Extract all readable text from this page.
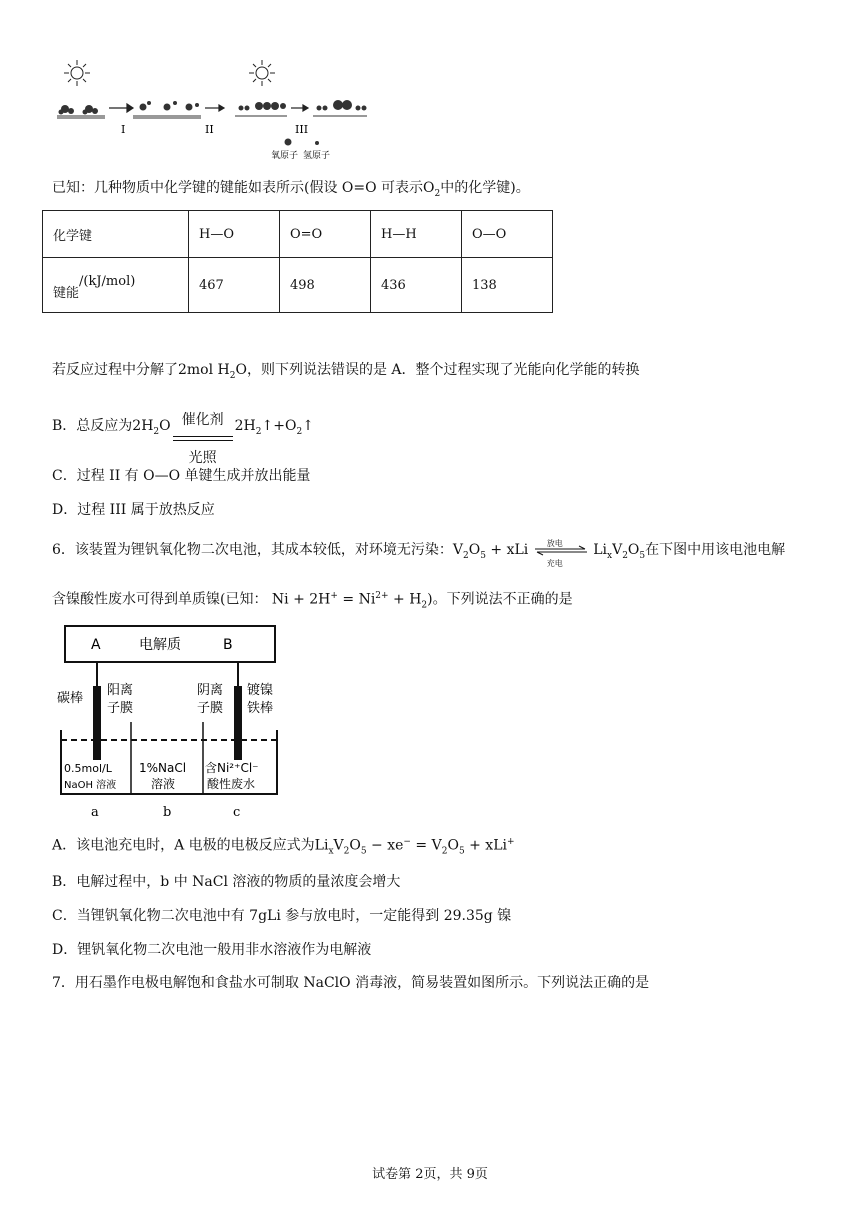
I	II	III
氧原子 氢原子
已知：几种物质中化学键的键能如表所示(假设 O=O 可表示$O_2$中的化学键)。
化学键	H—O	O=O	H—H	O—O
键能/(kJ/mol)	467	498	436	138
若反应过程中分解了2mol $H_2O$，则下列说法错误的是 A．整个过程实现了光能向化学能的转换
B．总反应为$2H_2O$
$\frac{\text{催化剂}}{\text{光照}}$
$2H_2↑+O_2↑$
C．过程 II 有 O—O 单键生成并放出能量
D．过程 III 属于放热反应
6．该装置为锂钒氧化物二次电池，其成本较低，对环境无污染：$V_2O_5$ + xLi 放电
充电
$Li_xV_2O_5$在下图中用该电池电解
含镍酸性废水可得到单质镍(已知： $Ni + 2H^+ = Ni^{2+} + H_2$)。下列说法不正确的是
A	电解质	B
碳棒
阳离
子膜
阴离
子膜
镀镍
铁棒
0.5mol/L
NaOH 溶液
1%NaCl
溶液
含Ni²⁺Cl⁻
酸性废水
a	b	c
A．该电池充电时，A 电极的电极反应式为$Li_xV_2O_5 - xe^- = V_2O_5 + xLi^+$
B．电解过程中，b 中 NaCl 溶液的物质的量浓度会增大
C．当锂钒氧化物二次电池中有 7gLi 参与放电时，一定能得到 29.35g 镍
D．锂钒氧化物二次电池一般用非水溶液作为电解液
7．用石墨作电极电解饱和食盐水可制取 NaClO 消毒液，简易装置如图所示。下列说法正确的是
试卷第 2页，共 9页
